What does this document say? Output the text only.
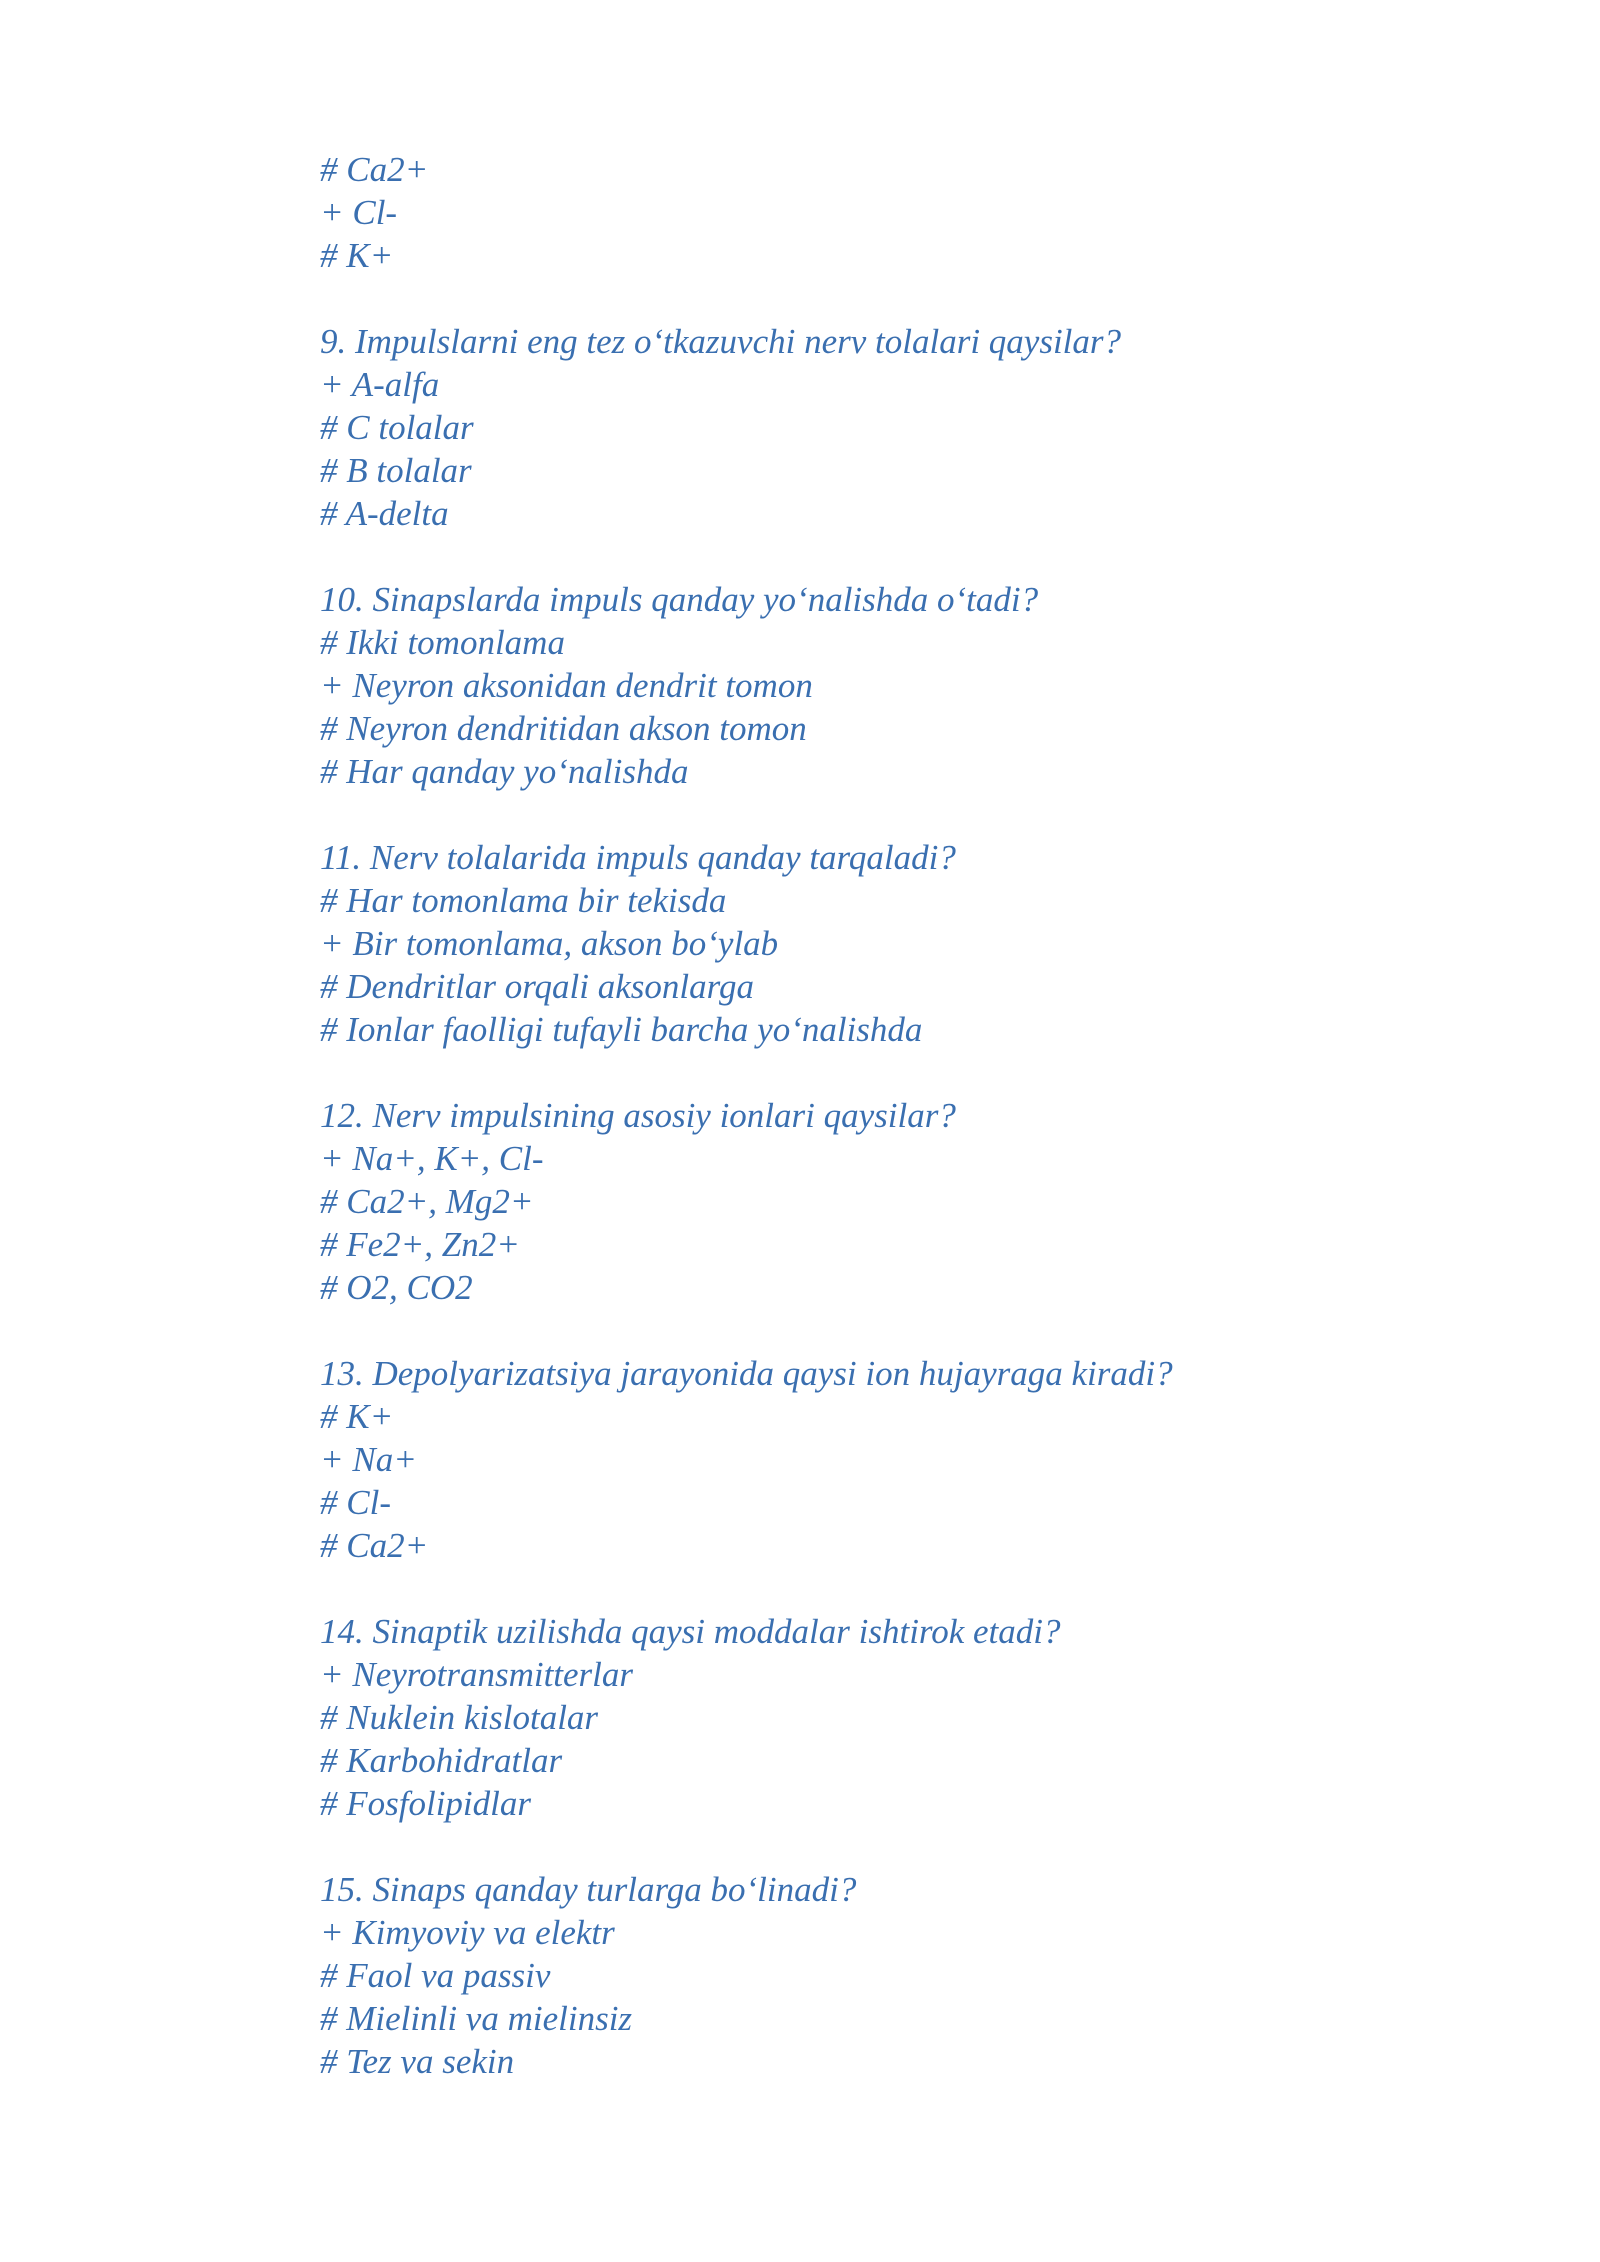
# Ca2+
+ Cl-
# K+
9. Impulslarni eng tez o‘tkazuvchi nerv tolalari qaysilar?
+ A-alfa
# C tolalar
# B tolalar
# A-delta
10. Sinapslarda impuls qanday yo‘nalishda o‘tadi?
# Ikki tomonlama
+ Neyron aksonidan dendrit tomon
# Neyron dendritidan akson tomon
# Har qanday yo‘nalishda
11. Nerv tolalarida impuls qanday tarqaladi?
# Har tomonlama bir tekisda
+ Bir tomonlama, akson bo‘ylab
# Dendritlar orqali aksonlarga
# Ionlar faolligi tufayli barcha yo‘nalishda
12. Nerv impulsining asosiy ionlari qaysilar?
+ Na+, K+, Cl-
# Ca2+, Mg2+
# Fe2+, Zn2+
# O2, CO2
13. Depolyarizatsiya jarayonida qaysi ion hujayraga kiradi?
# K+
+ Na+
# Cl-
# Ca2+
14. Sinaptik uzilishda qaysi moddalar ishtirok etadi?
+ Neyrotransmitterlar
# Nuklein kislotalar
# Karbohidratlar
# Fosfolipidlar
15. Sinaps qanday turlarga bo‘linadi?
+ Kimyoviy va elektr
# Faol va passiv
# Mielinli va mielinsiz
# Tez va sekin
